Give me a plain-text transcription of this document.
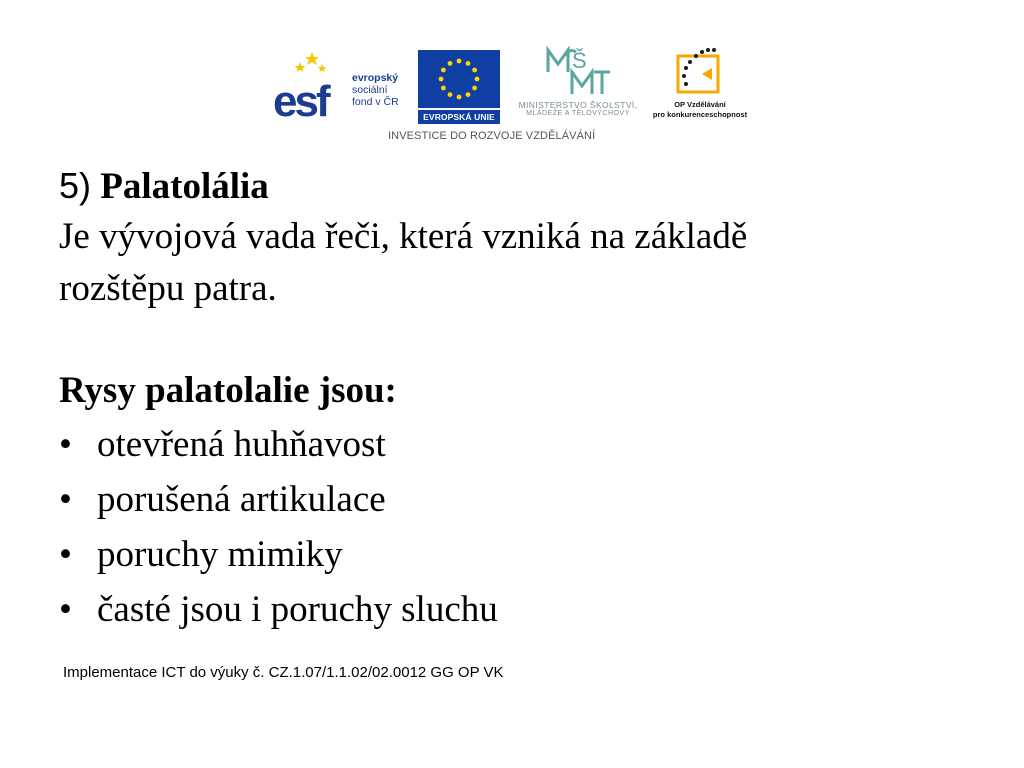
esf	evropský
sociální
fond v ČR
EVROPSKÁ UNIE
Š
MINISTERSTVO ŠKOLSTVÍ,
MLÁDEŽE A TĚLOVÝCHOVY
OP Vzdělávání
pro konkurenceschopnost
INVESTICE DO ROZVOJE VZDĚLÁVÁNÍ

5) Palatolália

Je vývojová vada řeči, která vzniká na základě

rozštěpu patra.

Rysy palatolalie jsou:

• otevřená huhňavost
• porušená artikulace
• poruchy mimiky
• časté jsou i poruchy sluchu
Implementace ICT do výuky č. CZ.1.07/1.1.02/02.0012 GG OP VK
